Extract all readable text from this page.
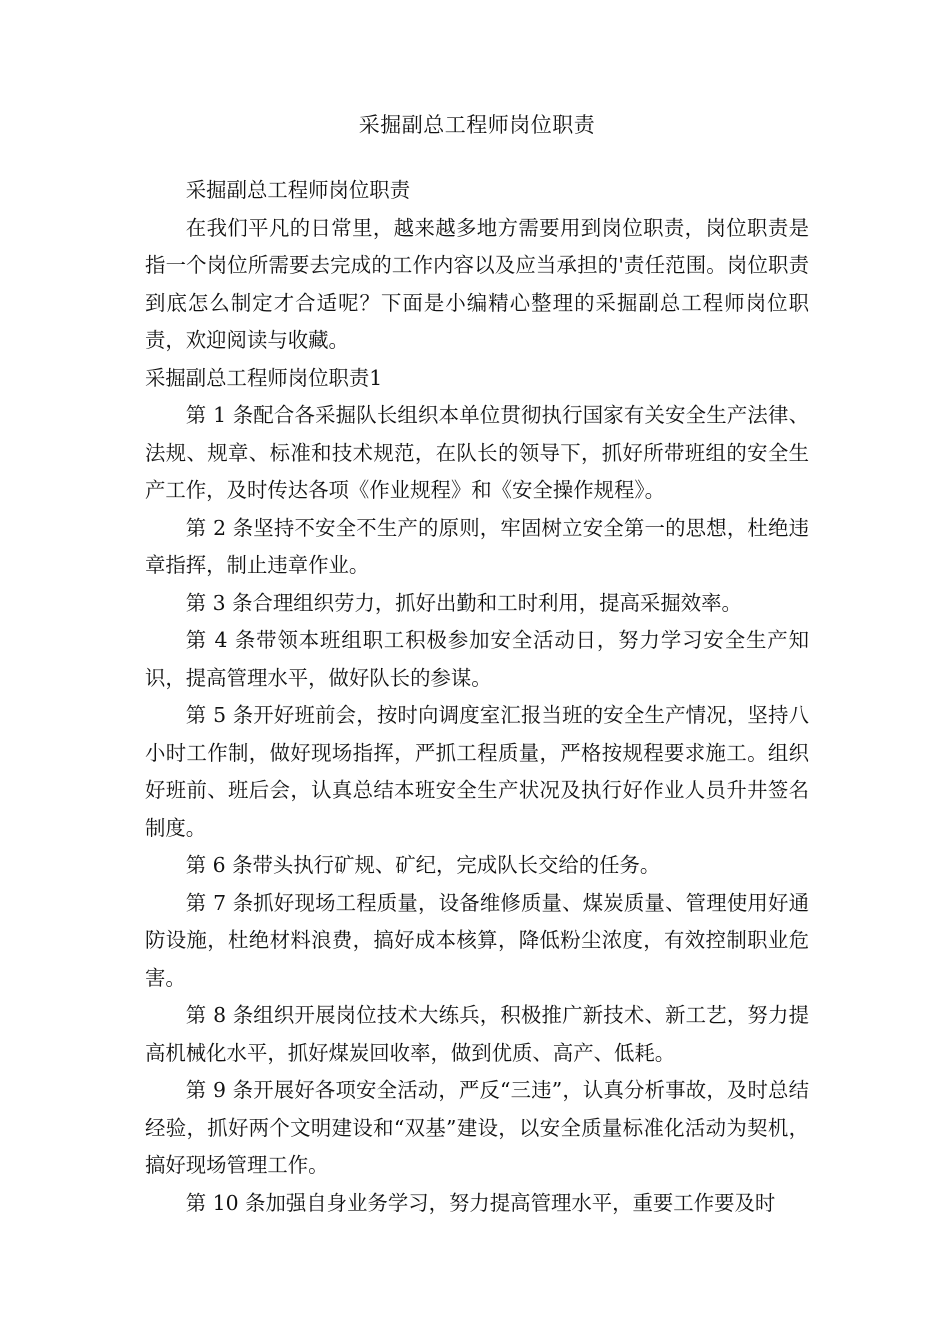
采掘副总工程师岗位职责

采掘副总工程师岗位职责

在我们平凡的日常里，越来越多地方需要用到岗位职责，岗位职责是指一个岗位所需要去完成的工作内容以及应当承担的'责任范围。岗位职责到底怎么制定才合适呢？下面是小编精心整理的采掘副总工程师岗位职责，欢迎阅读与收藏。

采掘副总工程师岗位职责1

第 1 条配合各采掘队长组织本单位贯彻执行国家有关安全生产法律、法规、规章、标准和技术规范，在队长的领导下，抓好所带班组的安全生产工作，及时传达各项《作业规程》和《安全操作规程》。

第 2 条坚持不安全不生产的原则，牢固树立安全第一的思想，杜绝违章指挥，制止违章作业。

第 3 条合理组织劳力，抓好出勤和工时利用，提高采掘效率。

第 4 条带领本班组职工积极参加安全活动日，努力学习安全生产知识，提高管理水平，做好队长的参谋。

第 5 条开好班前会，按时向调度室汇报当班的安全生产情况，坚持八小时工作制，做好现场指挥，严抓工程质量，严格按规程要求施工。组织好班前、班后会，认真总结本班安全生产状况及执行好作业人员升井签名制度。

第 6 条带头执行矿规、矿纪，完成队长交给的任务。

第 7 条抓好现场工程质量，设备维修质量、煤炭质量、管理使用好通防设施，杜绝材料浪费，搞好成本核算，降低粉尘浓度，有效控制职业危害。

第 8 条组织开展岗位技术大练兵，积极推广新技术、新工艺，努力提高机械化水平，抓好煤炭回收率，做到优质、高产、低耗。

第 9 条开展好各项安全活动，严反“三违”，认真分析事故，及时总结经验，抓好两个文明建设和“双基”建设，以安全质量标准化活动为契机，搞好现场管理工作。

第 10 条加强自身业务学习，努力提高管理水平，重要工作要及时
